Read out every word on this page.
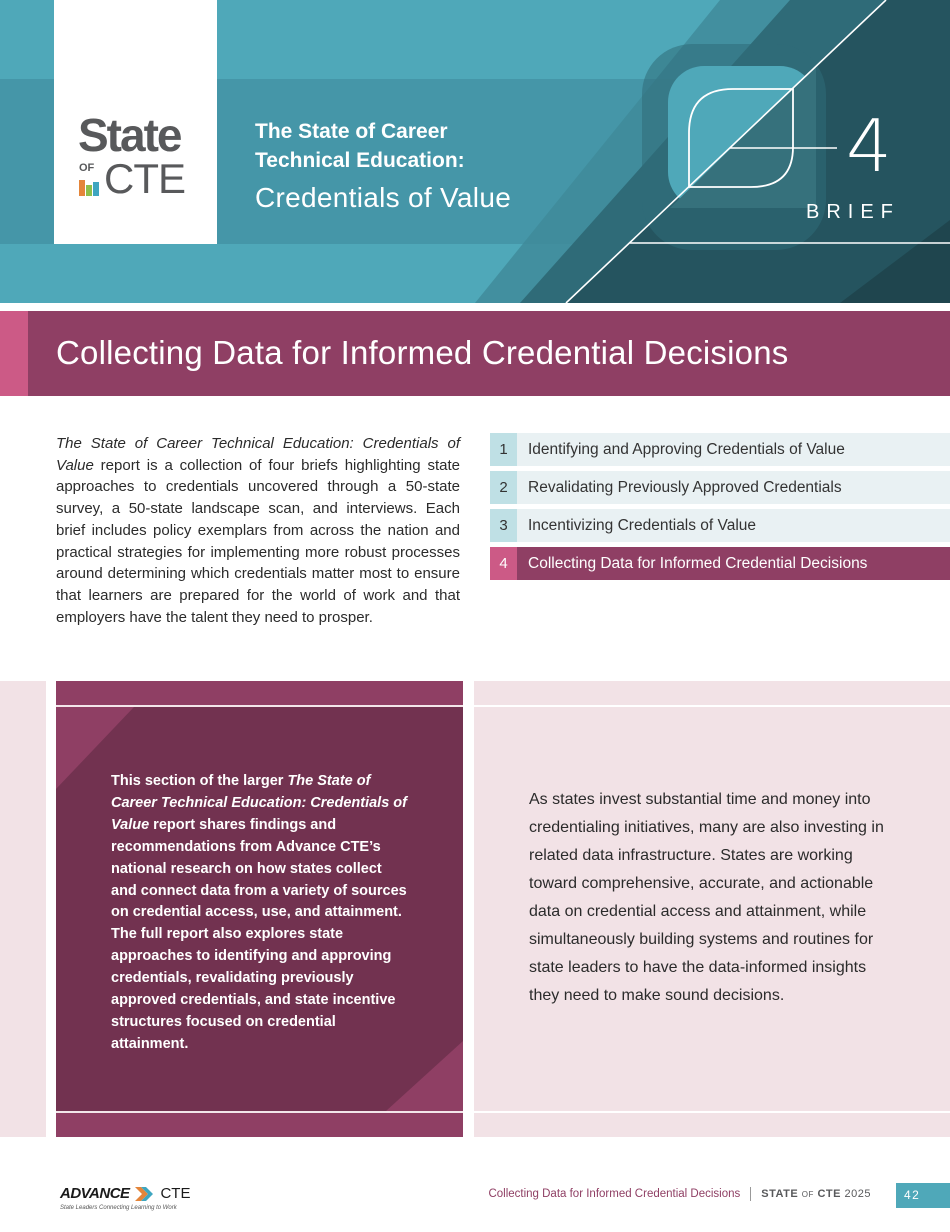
State
OF CTE
The State of Career
Technical Education:
Credentials of Value
4
BRIEF
Collecting Data for Informed Credential Decisions
The State of Career Technical Education: Credentials of Value report is a collection of four briefs highlighting state approaches to credentials uncovered through a 50-state survey, a 50-state landscape scan, and interviews. Each brief includes policy exemplars from across the nation and practical strategies for implementing more robust processes around determining which credentials matter most to ensure that learners are prepared for the world of work and that employers have the talent they need to prosper.
1	Identifying and Approving Credentials of Value
2	Revalidating Previously Approved Credentials
3	Incentivizing Credentials of Value
4	Collecting Data for Informed Credential Decisions

This section of the larger The State of Career Technical Education: Credentials of Value report shares findings and recommendations from Advance CTE’s national research on how states collect and connect data from a variety of sources on credential access, use, and attainment. The full report also explores state approaches to identifying and approving credentials, revalidating previously approved credentials, and state incentive structures focused on credential attainment.

As states invest substantial time and money into credentialing initiatives, many are also investing in related data infrastructure. States are working toward comprehensive, accurate, and actionable data on credential access and attainment, while simultaneously building systems and routines for state leaders to have the data-informed insights they need to make sound decisions.

ADVANCE CTE
State Leaders Connecting Learning to Work
Collecting Data for Informed Credential Decisions STATE OF CTE 2025	42
